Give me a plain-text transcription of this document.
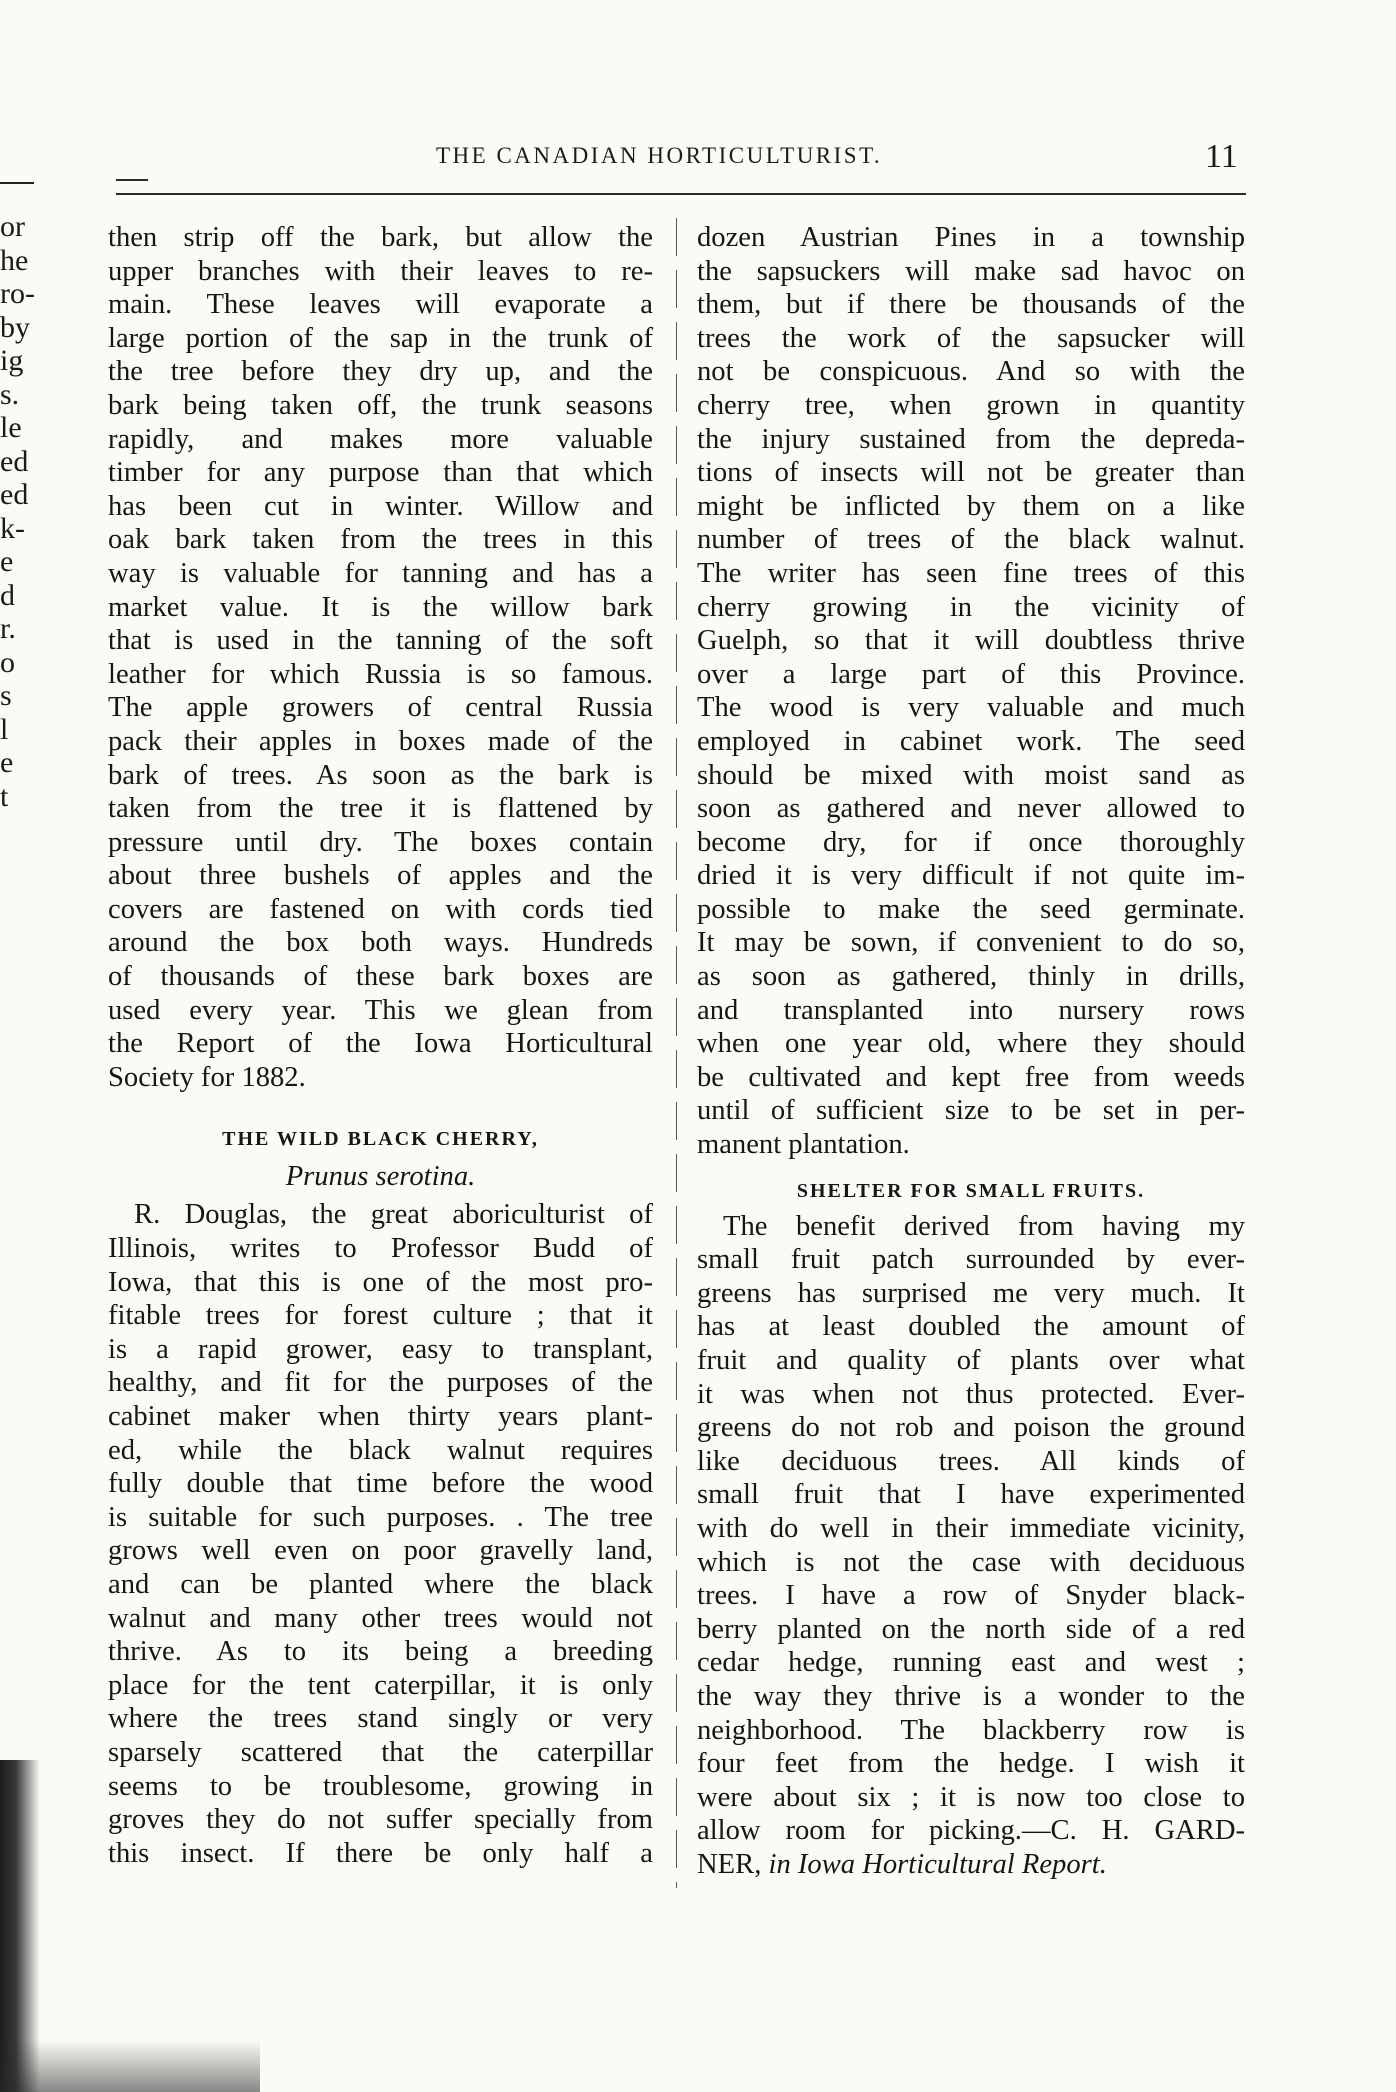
or
he
ro-
by
ig
s.
le
ed
ed
k-
e
d
r.
o
s
l
e
t
THE CANADIAN HORTICULTURIST.	11
then strip off the bark, but allow the
upper branches with their leaves to re-
main. These leaves will evaporate a
large portion of the sap in the trunk of
the tree before they dry up, and the
bark being taken off, the trunk seasons
rapidly, and makes more valuable
timber for any purpose than that which
has been cut in winter. Willow and
oak bark taken from the trees in this
way is valuable for tanning and has a
market value. It is the willow bark
that is used in the tanning of the soft
leather for which Russia is so famous.
The apple growers of central Russia
pack their apples in boxes made of the
bark of trees. As soon as the bark is
taken from the tree it is flattened by
pressure until dry. The boxes contain
about three bushels of apples and the
covers are fastened on with cords tied
around the box both ways. Hundreds
of thousands of these bark boxes are
used every year. This we glean from
the Report of the Iowa Horticultural
Society for 1882.
THE WILD BLACK CHERRY,
Prunus serotina.
R. Douglas, the great aboriculturist of
Illinois, writes to Professor Budd of
Iowa, that this is one of the most pro-
fitable trees for forest culture ; that it
is a rapid grower, easy to transplant,
healthy, and fit for the purposes of the
cabinet maker when thirty years plant-
ed, while the black walnut requires
fully double that time before the wood
is suitable for such purposes. . The tree
grows well even on poor gravelly land,
and can be planted where the black
walnut and many other trees would not
thrive. As to its being a breeding
place for the tent caterpillar, it is only
where the trees stand singly or very
sparsely scattered that the caterpillar
seems to be troublesome, growing in
groves they do not suffer specially from
this insect. If there be only half a
dozen Austrian Pines in a township
the sapsuckers will make sad havoc on
them, but if there be thousands of the
trees the work of the sapsucker will
not be conspicuous. And so with the
cherry tree, when grown in quantity
the injury sustained from the depreda-
tions of insects will not be greater than
might be inflicted by them on a like
number of trees of the black walnut.
The writer has seen fine trees of this
cherry growing in the vicinity of
Guelph, so that it will doubtless thrive
over a large part of this Province.
The wood is very valuable and much
employed in cabinet work. The seed
should be mixed with moist sand as
soon as gathered and never allowed to
become dry, for if once thoroughly
dried it is very difficult if not quite im-
possible to make the seed germinate.
It may be sown, if convenient to do so,
as soon as gathered, thinly in drills,
and transplanted into nursery rows
when one year old, where they should
be cultivated and kept free from weeds
until of sufficient size to be set in per-
manent plantation.
SHELTER FOR SMALL FRUITS.
The benefit derived from having my
small fruit patch surrounded by ever-
greens has surprised me very much. It
has at least doubled the amount of
fruit and quality of plants over what
it was when not thus protected. Ever-
greens do not rob and poison the ground
like deciduous trees. All kinds of
small fruit that I have experimented
with do well in their immediate vicinity,
which is not the case with deciduous
trees. I have a row of Snyder black-
berry planted on the north side of a red
cedar hedge, running east and west ;
the way they thrive is a wonder to the
neighborhood. The blackberry row is
four feet from the hedge. I wish it
were about six ; it is now too close to
allow room for picking.—C. H. GARD-
NER, in Iowa Horticultural Report.
